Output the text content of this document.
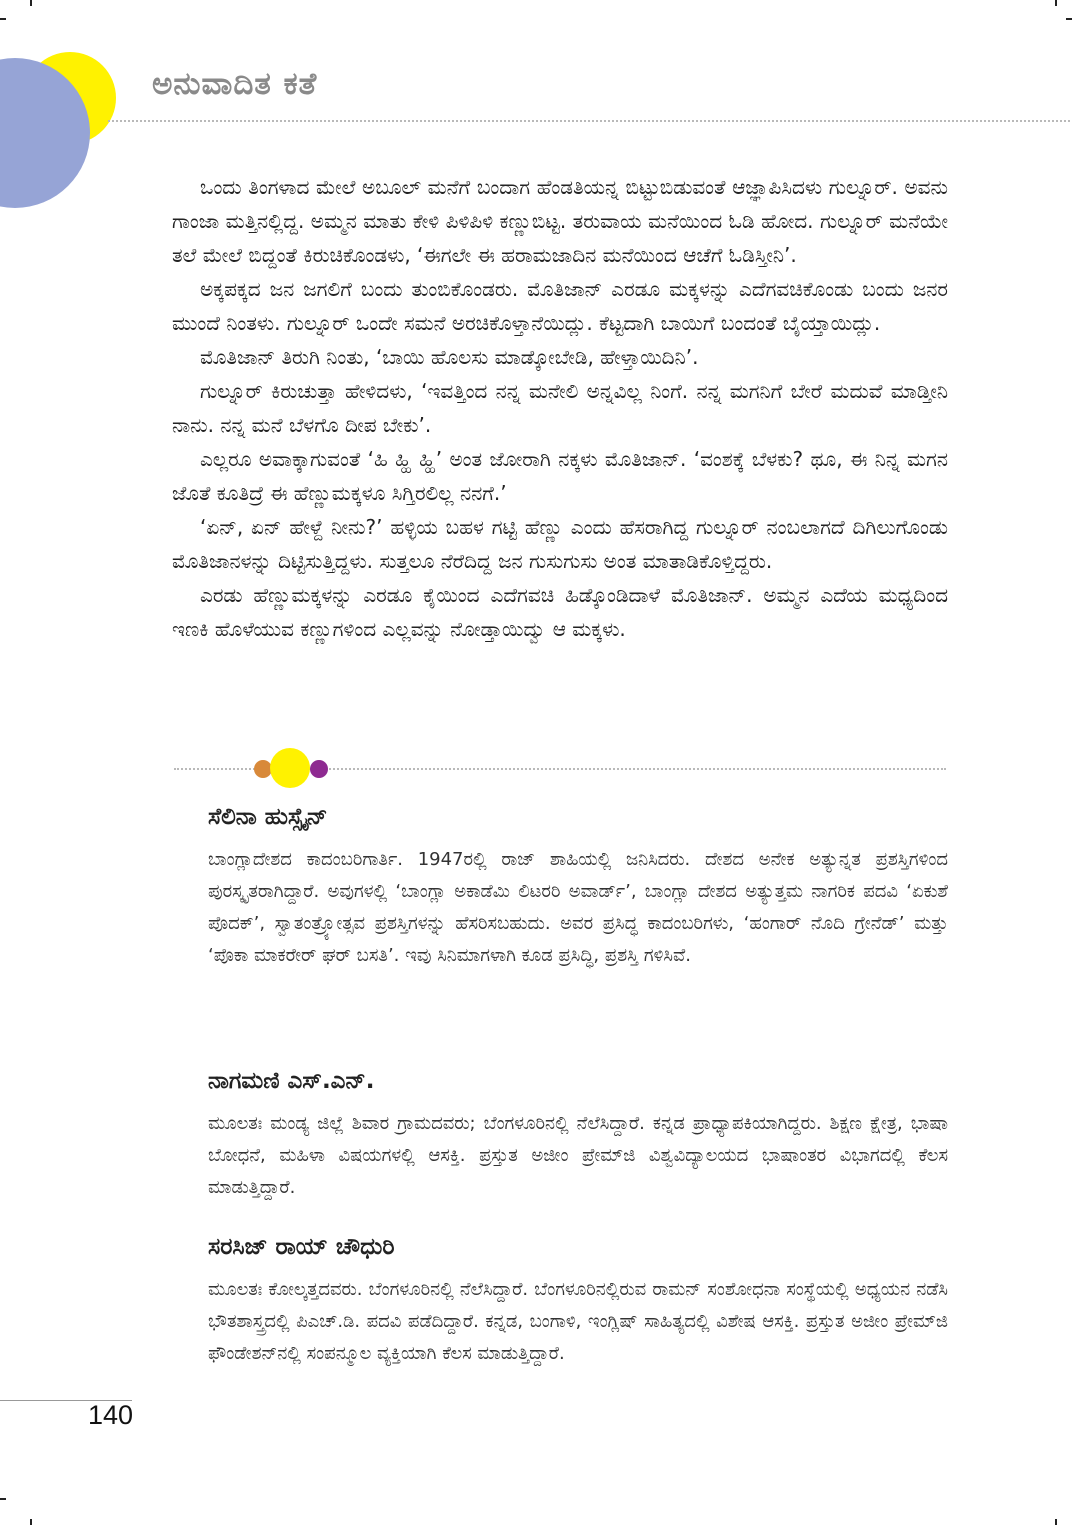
ಅನುವಾದಿತ ಕತೆ

ಒಂದು ತಿಂಗಳಾದ ಮೇಲೆ ಅಬೂಲ್ ಮನೆಗೆ ಬಂದಾಗ ಹೆಂಡತಿಯನ್ನ ಬಿಟ್ಟುಬಿಡುವಂತೆ ಆಜ್ಞಾಪಿಸಿದಳು ಗುಲ್ನೂರ್. ಅವನು ಗಾಂಜಾ ಮತ್ತಿನಲ್ಲಿದ್ದ. ಅಮ್ಮನ ಮಾತು ಕೇಳಿ ಪಿಳಿಪಿಳಿ ಕಣ್ಣುಬಿಟ್ಟ. ತರುವಾಯ ಮನೆಯಿಂದ ಓಡಿ ಹೋದ. ಗುಲ್ನೂರ್ ಮನೆಯೇ ತಲೆ ಮೇಲೆ ಬಿದ್ದಂತೆ ಕಿರುಚಿಕೊಂಡಳು, ‘ಈಗಲೇ ಈ ಹರಾಮಜಾದಿನ ಮನೆಯಿಂದ ಆಚೆಗೆ ಓಡಿಸ್ತೀನಿ’.

ಅಕ್ಕಪಕ್ಕದ ಜನ ಜಗಲಿಗೆ ಬಂದು ತುಂಬಿಕೊಂಡರು. ಮೊತಿಜಾನ್ ಎರಡೂ ಮಕ್ಕಳನ್ನು ಎದೆಗವಚಿಕೊಂಡು ಬಂದು ಜನರ ಮುಂದೆ ನಿಂತಳು. ಗುಲ್ನೂರ್ ಒಂದೇ ಸಮನೆ ಅರಚಿಕೊಳ್ತಾನೆಯಿದ್ಲು. ಕೆಟ್ಟದಾಗಿ ಬಾಯಿಗೆ ಬಂದಂತೆ ಬೈಯ್ತಾಯಿದ್ಲು.

ಮೊತಿಜಾನ್ ತಿರುಗಿ ನಿಂತು, ‘ಬಾಯಿ ಹೊಲಸು ಮಾಡ್ಕೋಬೇಡಿ, ಹೇಳ್ತಾಯಿದಿನಿ’.

ಗುಲ್ನೂರ್ ಕಿರುಚುತ್ತಾ ಹೇಳಿದಳು, ‘ಇವತ್ತಿಂದ ನನ್ನ ಮನೇಲಿ ಅನ್ನವಿಲ್ಲ ನಿಂಗೆ. ನನ್ನ ಮಗನಿಗೆ ಬೇರೆ ಮದುವೆ ಮಾಡ್ತೀನಿ ನಾನು. ನನ್ನ ಮನೆ ಬೆಳಗೊ ದೀಪ ಬೇಕು’.

ಎಲ್ಲರೂ ಅವಾಕ್ಕಾಗುವಂತೆ ‘ಹಿ ಹ್ಹಿ ಹ್ಹಿ’ ಅಂತ ಜೋರಾಗಿ ನಕ್ಕಳು ಮೊತಿಜಾನ್. ‘ವಂಶಕ್ಕೆ ಬೆಳಕು? ಥೂ, ಈ ನಿನ್ನ ಮಗನ ಜೊತೆ ಕೂತಿದ್ರೆ ಈ ಹೆಣ್ಣುಮಕ್ಕಳೂ ಸಿಗ್ತಿರಲಿಲ್ಲ ನನಗೆ.’

‘ಏನ್, ಏನ್ ಹೇಳ್ದೆ ನೀನು?’ ಹಳ್ಳಿಯ ಬಹಳ ಗಟ್ಟಿ ಹೆಣ್ಣು ಎಂದು ಹೆಸರಾಗಿದ್ದ ಗುಲ್ನೂರ್ ನಂಬಲಾಗದೆ ದಿಗಿಲುಗೊಂಡು ಮೊತಿಜಾನಳನ್ನು ದಿಟ್ಟಿಸುತ್ತಿದ್ದಳು. ಸುತ್ತಲೂ ನೆರೆದಿದ್ದ ಜನ ಗುಸುಗುಸು ಅಂತ ಮಾತಾಡಿಕೊಳ್ತಿದ್ದರು.

ಎರಡು ಹೆಣ್ಣುಮಕ್ಕಳನ್ನು ಎರಡೂ ಕೈಯಿಂದ ಎದೆಗವಚಿ ಹಿಡ್ಕೊಂಡಿದಾಳೆ ಮೊತಿಜಾನ್. ಅಮ್ಮನ ಎದೆಯ ಮಧ್ಯದಿಂದ ಇಣಕಿ ಹೊಳೆಯುವ ಕಣ್ಣುಗಳಿಂದ ಎಲ್ಲವನ್ನು ನೋಡ್ತಾಯಿದ್ವು ಆ ಮಕ್ಕಳು.

ಸೆಲಿನಾ ಹುಸ್ಸೈನ್

ಬಾಂಗ್ಲಾದೇಶದ ಕಾದಂಬರಿಗಾರ್ತಿ. 1947ರಲ್ಲಿ ರಾಜ್ ಶಾಹಿಯಲ್ಲಿ ಜನಿಸಿದರು. ದೇಶದ ಅನೇಕ ಅತ್ಯುನ್ನತ ಪ್ರಶಸ್ತಿಗಳಿಂದ ಪುರಸ್ಕೃತರಾಗಿದ್ದಾರೆ. ಅವುಗಳಲ್ಲಿ ‘ಬಾಂಗ್ಲಾ ಅಕಾಡೆಮಿ ಲಿಟರರಿ ಅವಾರ್ಡ್’, ಬಾಂಗ್ಲಾ ದೇಶದ ಅತ್ಯುತ್ತಮ ನಾಗರಿಕ ಪದವಿ ‘ಏಕುಶೆ ಪೊದಕ್’, ಸ್ವಾತಂತ್ರ್ಯೋತ್ಸವ ಪ್ರಶಸ್ತಿಗಳನ್ನು ಹೆಸರಿಸಬಹುದು. ಅವರ ಪ್ರಸಿದ್ಧ ಕಾದಂಬರಿಗಳು, ‘ಹಂಗಾರ್ ನೊದಿ ಗ್ರೇನೆಡ್’ ಮತ್ತು ‘ಪೊಕಾ ಮಾಕರೇರ್ ಘರ್ ಬಸತಿ’. ಇವು ಸಿನಿಮಾಗಳಾಗಿ ಕೂಡ ಪ್ರಸಿದ್ಧಿ, ಪ್ರಶಸ್ತಿ ಗಳಿಸಿವೆ.

ನಾಗಮಣಿ ಎಸ್.ಎನ್.

ಮೂಲತಃ ಮಂಡ್ಯ ಜಿಲ್ಲೆ ಶಿವಾರ ಗ್ರಾಮದವರು; ಬೆಂಗಳೂರಿನಲ್ಲಿ ನೆಲೆಸಿದ್ದಾರೆ. ಕನ್ನಡ ಪ್ರಾಧ್ಯಾಪಕಿಯಾಗಿದ್ದರು. ಶಿಕ್ಷಣ ಕ್ಷೇತ್ರ, ಭಾಷಾ ಬೋಧನೆ, ಮಹಿಳಾ ವಿಷಯಗಳಲ್ಲಿ ಆಸಕ್ತಿ. ಪ್ರಸ್ತುತ ಅಜೀಂ ಪ್ರೇಮ್‌ಜಿ ವಿಶ್ವವಿದ್ಯಾಲಯದ ಭಾಷಾಂತರ ವಿಭಾಗದಲ್ಲಿ ಕೆಲಸ ಮಾಡುತ್ತಿದ್ದಾರೆ.

ಸರಸಿಜ್ ರಾಯ್ ಚೌಧುರಿ

ಮೂಲತಃ ಕೋಲ್ಕತ್ತದವರು. ಬೆಂಗಳೂರಿನಲ್ಲಿ ನೆಲೆಸಿದ್ದಾರೆ. ಬೆಂಗಳೂರಿನಲ್ಲಿರುವ ರಾಮನ್ ಸಂಶೋಧನಾ ಸಂಸ್ಥೆಯಲ್ಲಿ ಅಧ್ಯಯನ ನಡೆಸಿ ಭೌತಶಾಸ್ತ್ರದಲ್ಲಿ ಪಿಎಚ್.ಡಿ. ಪದವಿ ಪಡೆದಿದ್ದಾರೆ. ಕನ್ನಡ, ಬಂಗಾಳಿ, ಇಂಗ್ಲಿಷ್ ಸಾಹಿತ್ಯದಲ್ಲಿ ವಿಶೇಷ ಆಸಕ್ತಿ. ಪ್ರಸ್ತುತ ಅಜೀಂ ಪ್ರೇಮ್‌ಜಿ ಫೌಂಡೇಶನ್‌ನಲ್ಲಿ ಸಂಪನ್ಮೂಲ ವ್ಯಕ್ತಿಯಾಗಿ ಕೆಲಸ ಮಾಡುತ್ತಿದ್ದಾರೆ.

140
